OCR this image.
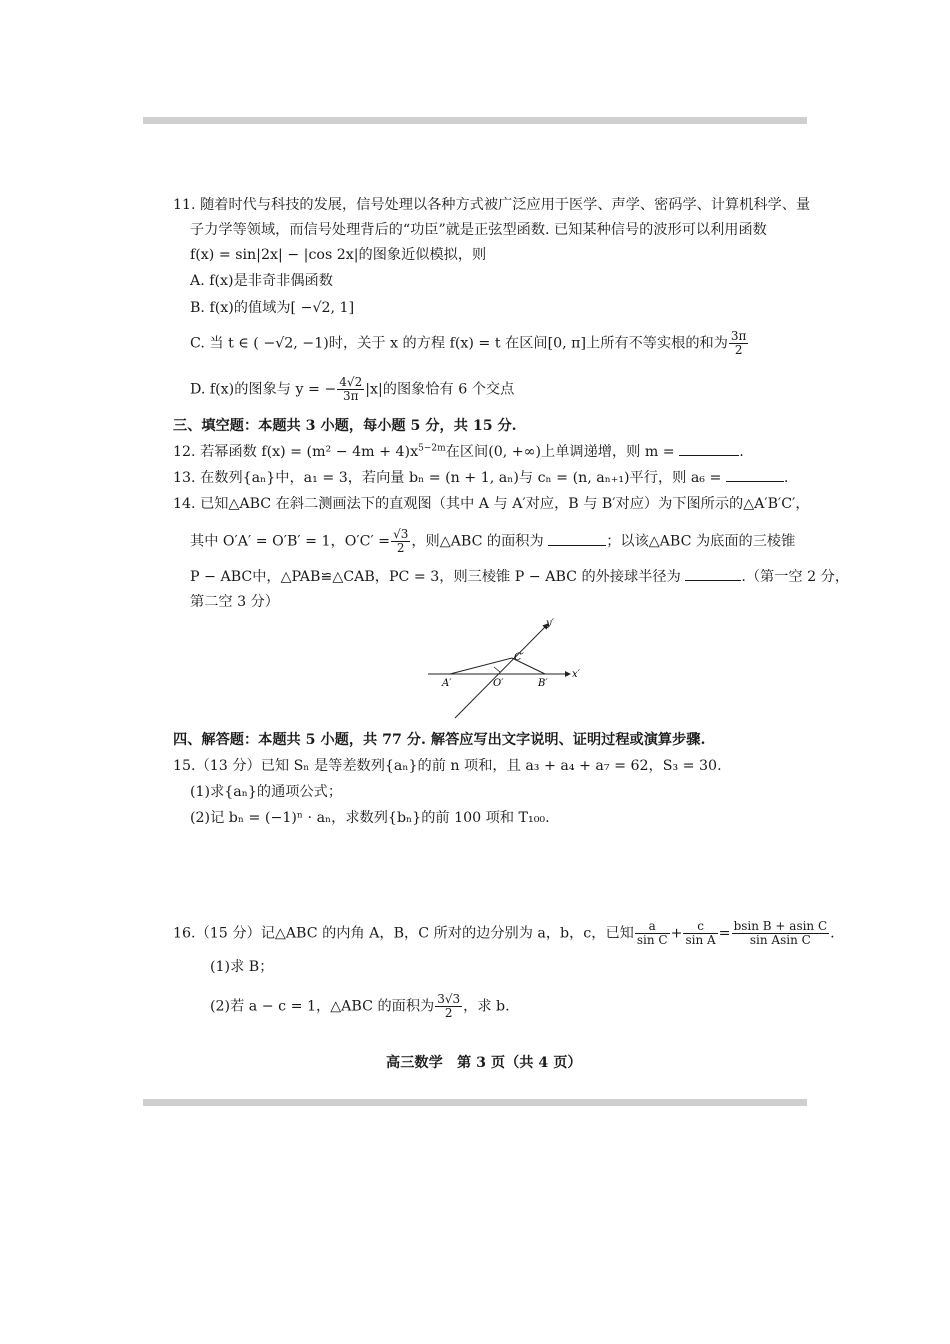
11. 随着时代与科技的发展，信号处理以各种方式被广泛应用于医学、声学、密码学、计算机科学、量
子力学等领域，而信号处理背后的“功臣”就是正弦型函数. 已知某种信号的波形可以利用函数
f(x) = sin|2x| − |cos 2x|的图象近似模拟，则
A. f(x)是非奇非偶函数
B. f(x)的值域为[ −√2, 1]
C. 当 t ∈ ( −√2, −1)时，关于 x 的方程 f(x) = t 在区间[0, π]上所有不等实根的和为 $\frac{3\pi}{2}$
D. f(x)的图象与 y = − $\frac{4√2}{3\pi} |x|$的图象恰有 6 个交点
三、填空题：本题共 3 小题，每小题 5 分，共 15 分.
12. 若幂函数 $f(x) = (m^2 - 4m + 4)x^{5-2m}$在区间(0, +∞)上单调递增，则 m =	.
13. 在数列{aₙ}中，a₁ = 3，若向量 bₙ = (n + 1, aₙ)与 cₙ = (n, aₙ₊₁)平行，则 a₆ =	.
14. 已知△ABC 在斜二测画法下的直观图（其中 A 与 A′对应，B 与 B′对应）为下图所示的△A′B′C′，
其中 O′A′ = O′B′ = 1，$O'C' = \frac{√3}{2}$ ，则△ABC 的面积为	；以该△ABC 为底面的三棱锥
P − ABC中，△PAB≌△CAB，PC = 3，则三棱锥 P − ABC 的外接球半径为	.（第一空 2 分，
第二空 3 分）
y′
C′
x′
A′	O′	B′
四、解答题：本题共 5 小题，共 77 分. 解答应写出文字说明、证明过程或演算步骤.
15.（13 分）已知 Sₙ 是等差数列{aₙ}的前 n 项和，且 a₃ + a₄ + a₇ = 62，S₃ = 30.
(1)求{aₙ}的通项公式；
(2)记 bₙ = (−1)ⁿ · aₙ，求数列{bₙ}的前 100 项和 T₁₀₀.
16.（15 分）记△ABC 的内角 A，B，C 所对的边分别为 a，b，c，已知 $\frac{a}{\text{sin C}} + \frac{c}{\text{sin A}} = \frac{\text{bsin B + asin C}}{\text{sin Asin C}}$ .
(1)求 B；
(2)若 a − c = 1，△ABC 的面积为 $\frac{3√3}{2}$ ，求 b.
高三数学　第 3 页（共 4 页）
